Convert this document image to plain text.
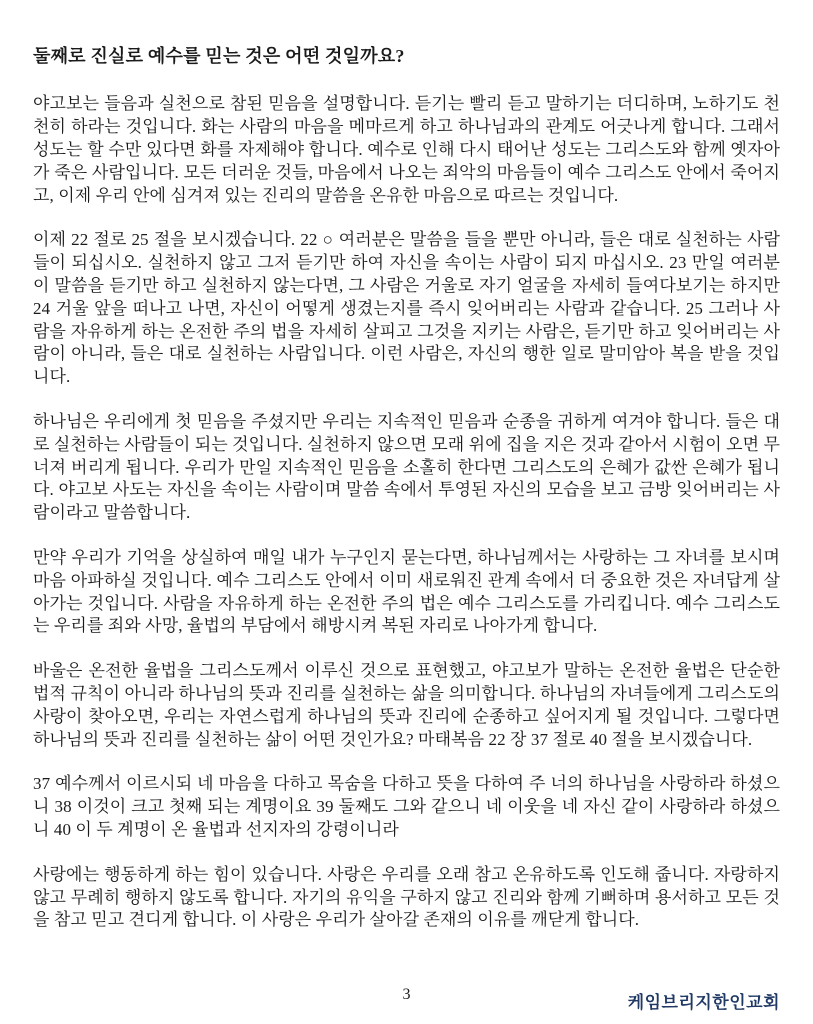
둘째로 진실로 예수를 믿는 것은 어떤 것일까요?

야고보는 들음과 실천으로 참된 믿음을 설명합니다. 듣기는 빨리 듣고 말하기는 더디하며, 노하기도 천천히 하라는 것입니다. 화는 사람의 마음을 메마르게 하고 하나님과의 관계도 어긋나게 합니다. 그래서 성도는 할 수만 있다면 화를 자제해야 합니다. 예수로 인해 다시 태어난 성도는 그리스도와 함께 옛자아가 죽은 사람입니다. 모든 더러운 것들, 마음에서 나오는 죄악의 마음들이 예수 그리스도 안에서 죽어지고, 이제 우리 안에 심겨져 있는 진리의 말씀을 온유한 마음으로 따르는 것입니다.

이제 22 절로 25 절을 보시겠습니다. 22 ○ 여러분은 말씀을 들을 뿐만 아니라, 들은 대로 실천하는 사람들이 되십시오. 실천하지 않고 그저 듣기만 하여 자신을 속이는 사람이 되지 마십시오. 23 만일 여러분이 말씀을 듣기만 하고 실천하지 않는다면, 그 사람은 거울로 자기 얼굴을 자세히 들여다보기는 하지만 24 거울 앞을 떠나고 나면, 자신이 어떻게 생겼는지를 즉시 잊어버리는 사람과 같습니다. 25 그러나 사람을 자유하게 하는 온전한 주의 법을 자세히 살피고 그것을 지키는 사람은, 듣기만 하고 잊어버리는 사람이 아니라, 들은 대로 실천하는 사람입니다. 이런 사람은, 자신의 행한 일로 말미암아 복을 받을 것입니다.

하나님은 우리에게 첫 믿음을 주셨지만 우리는 지속적인 믿음과 순종을 귀하게 여겨야 합니다. 들은 대로 실천하는 사람들이 되는 것입니다. 실천하지 않으면 모래 위에 집을 지은 것과 같아서 시험이 오면 무너져 버리게 됩니다. 우리가 만일 지속적인 믿음을 소홀히 한다면 그리스도의 은혜가 값싼 은혜가 됩니다. 야고보 사도는 자신을 속이는 사람이며 말씀 속에서 투영된 자신의 모습을 보고 금방 잊어버리는 사람이라고 말씀합니다.

만약 우리가 기억을 상실하여 매일 내가 누구인지 묻는다면, 하나님께서는 사랑하는 그 자녀를 보시며 마음 아파하실 것입니다. 예수 그리스도 안에서 이미 새로워진 관계 속에서 더 중요한 것은 자녀답게 살아가는 것입니다. 사람을 자유하게 하는 온전한 주의 법은 예수 그리스도를 가리킵니다. 예수 그리스도는 우리를 죄와 사망, 율법의 부담에서 해방시켜 복된 자리로 나아가게 합니다.

바울은 온전한 율법을 그리스도께서 이루신 것으로 표현했고, 야고보가 말하는 온전한 율법은 단순한 법적 규칙이 아니라 하나님의 뜻과 진리를 실천하는 삶을 의미합니다. 하나님의 자녀들에게 그리스도의 사랑이 찾아오면, 우리는 자연스럽게 하나님의 뜻과 진리에 순종하고 싶어지게 될 것입니다. 그렇다면 하나님의 뜻과 진리를 실천하는 삶이 어떤 것인가요? 마태복음 22 장 37 절로 40 절을 보시겠습니다.

37 예수께서 이르시되 네 마음을 다하고 목숨을 다하고 뜻을 다하여 주 너의 하나님을 사랑하라 하셨으니 38 이것이 크고 첫째 되는 계명이요 39 둘째도 그와 같으니 네 이웃을 네 자신 같이 사랑하라 하셨으니 40 이 두 계명이 온 율법과 선지자의 강령이니라

사랑에는 행동하게 하는 힘이 있습니다. 사랑은 우리를 오래 참고 온유하도록 인도해 줍니다. 자랑하지 않고 무례히 행하지 않도록 합니다. 자기의 유익을 구하지 않고 진리와 함께 기뻐하며 용서하고 모든 것을 참고 믿고 견디게 합니다. 이 사랑은 우리가 살아갈 존재의 이유를 깨닫게 합니다.

3	케임브리지한인교회
